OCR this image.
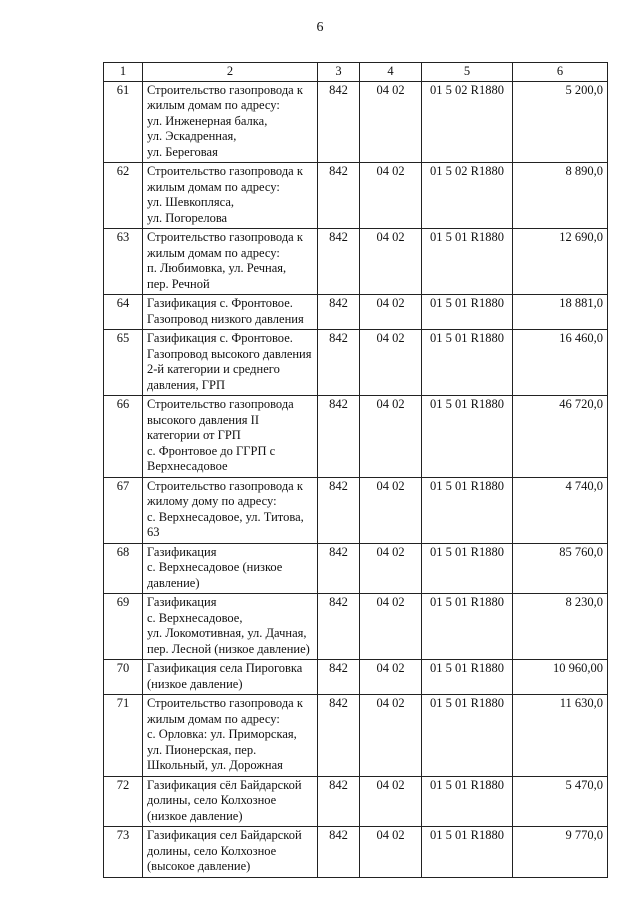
6
1	2	3	4	5	6
61	Строительство газопровода к жилым домам по адресу:
ул. Инженерная балка,
ул. Эскадренная,
ул. Береговая	842	04 02	01 5 02 R1880	5 200,0
62	Строительство газопровода к жилым домам по адресу:
ул. Шевкопляса,
ул. Погорелова	842	04 02	01 5 02 R1880	8 890,0
63	Строительство газопровода к жилым домам по адресу:
п. Любимовка, ул. Речная,
пер. Речной	842	04 02	01 5 01 R1880	12 690,0
64	Газификация с. Фронтовое.
Газопровод низкого давления	842	04 02	01 5 01 R1880	18 881,0
65	Газификация с. Фронтовое.
Газопровод высокого давления 2-й категории и среднего давления, ГРП	842	04 02	01 5 01 R1880	16 460,0
66	Строительство газопровода высокого давления II категории от ГРП
с. Фронтовое до ГГРП с Верхнесадовое	842	04 02	01 5 01 R1880	46 720,0
67	Строительство газопровода к жилому дому по адресу:
с. Верхнесадовое, ул. Титова, 63	842	04 02	01 5 01 R1880	4 740,0
68	Газификация
с. Верхнесадовое (низкое давление)	842	04 02	01 5 01 R1880	85 760,0
69	Газификация
с. Верхнесадовое,
ул. Локомотивная, ул. Дачная, пер. Лесной (низкое давление)	842	04 02	01 5 01 R1880	8 230,0
70	Газификация села Пироговка (низкое давление)	842	04 02	01 5 01 R1880	10 960,00
71	Строительство газопровода к жилым домам по адресу:
с. Орловка: ул. Приморская, ул. Пионерская, пер. Школьный, ул. Дорожная	842	04 02	01 5 01 R1880	11 630,0
72	Газификация сёл Байдарской долины, село Колхозное (низкое давление)	842	04 02	01 5 01 R1880	5 470,0
73	Газификация сел Байдарской долины, село Колхозное (высокое давление)	842	04 02	01 5 01 R1880	9 770,0
